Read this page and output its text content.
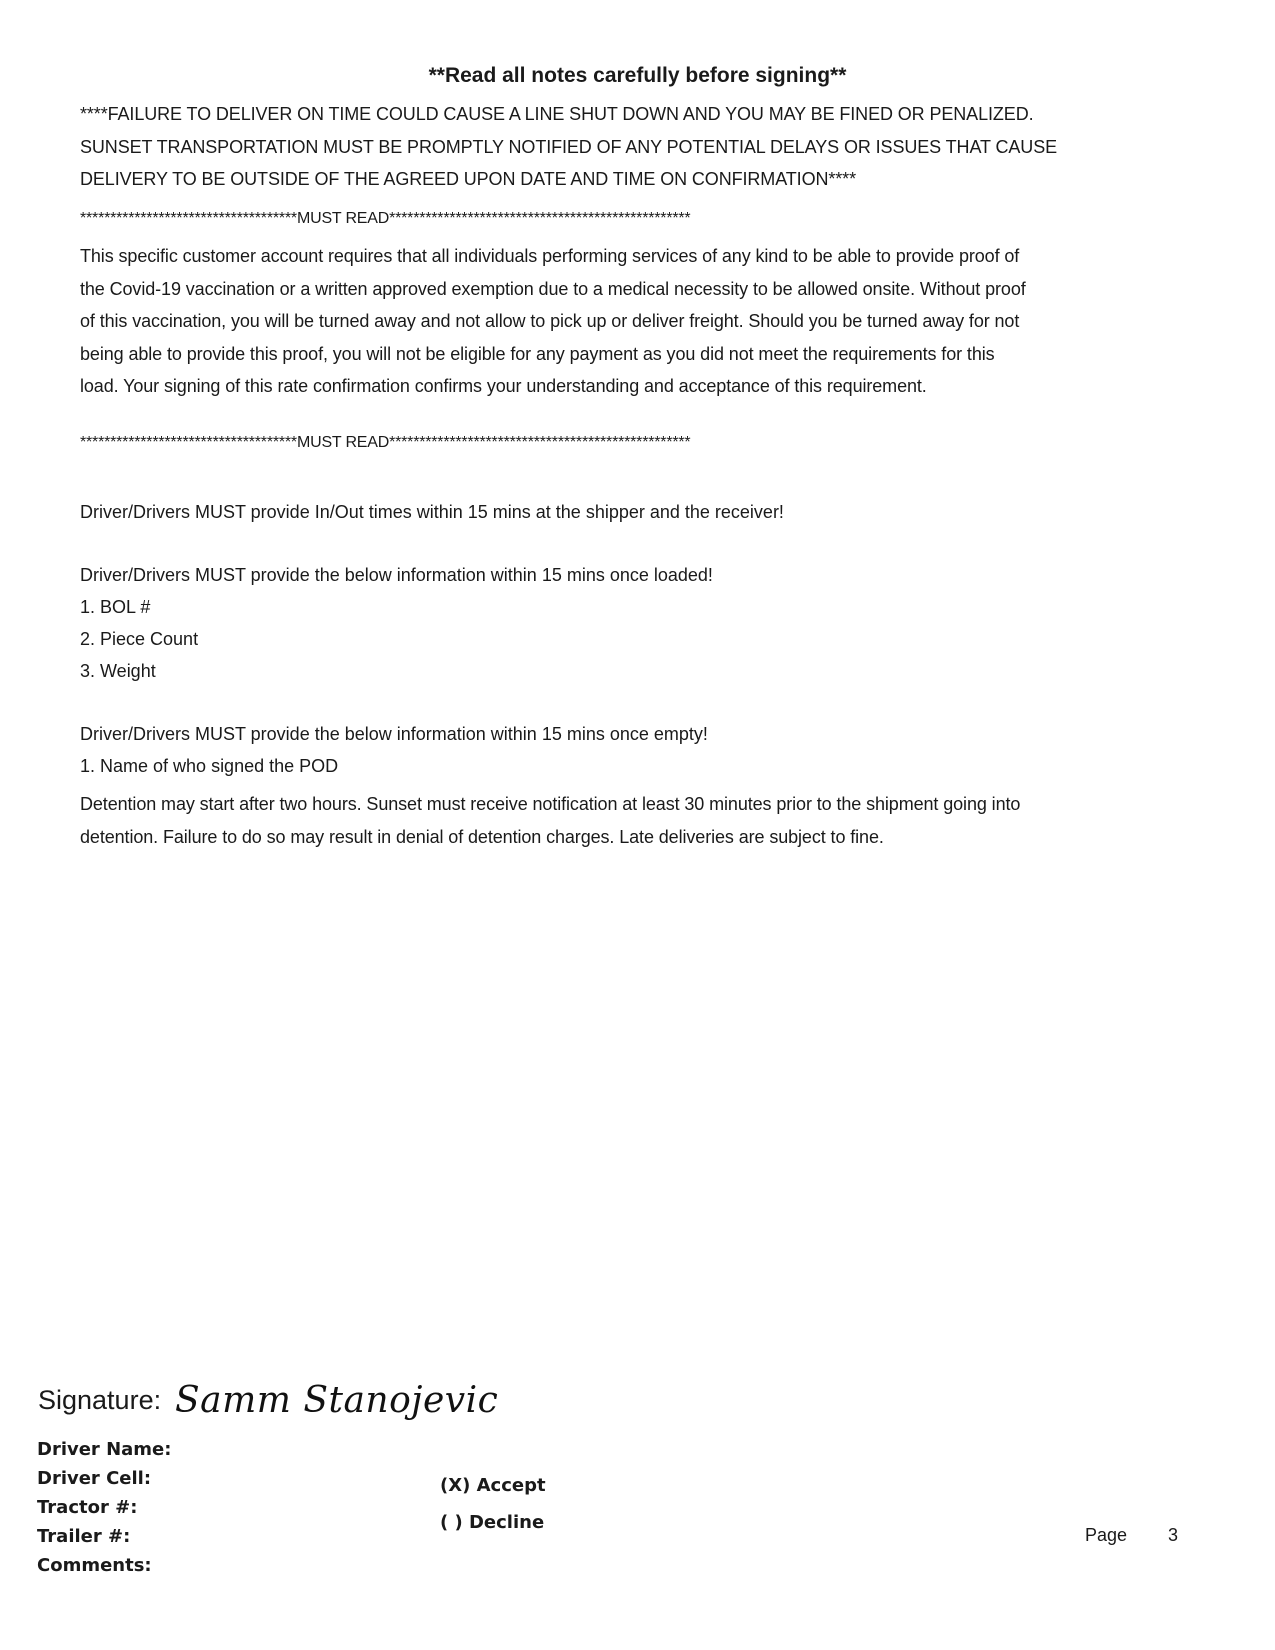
**Read all notes carefully before signing**
****FAILURE TO DELIVER ON TIME COULD CAUSE A LINE SHUT DOWN AND YOU MAY BE FINED OR PENALIZED.
SUNSET TRANSPORTATION MUST BE PROMPTLY NOTIFIED OF ANY POTENTIAL DELAYS OR ISSUES THAT CAUSE
DELIVERY TO BE OUTSIDE OF THE AGREED UPON DATE AND TIME ON CONFIRMATION****
************************************MUST READ**************************************************
This specific customer account requires that all individuals performing services of any kind to be able to provide proof of
the Covid-19 vaccination or a written approved exemption due to a medical necessity to be allowed onsite. Without proof
of this vaccination, you will be turned away and not allow to pick up or deliver freight. Should you be turned away for not
being able to provide this proof, you will not be eligible for any payment as you did not meet the requirements for this
load. Your signing of this rate confirmation confirms your understanding and acceptance of this requirement.
************************************MUST READ**************************************************
Driver/Drivers MUST provide In/Out times within 15 mins at the shipper and the receiver!
Driver/Drivers MUST provide the below information within 15 mins once loaded!
1. BOL #
2. Piece Count
3. Weight
Driver/Drivers MUST provide the below information within 15 mins once empty!
1. Name of who signed the POD
Detention may start after two hours. Sunset must receive notification at least 30 minutes prior to the shipment going into
detention. Failure to do so may result in denial of detention charges. Late deliveries are subject to fine.
Signature: Samm Stanojevic
Driver Name:
Driver Cell:
Tractor #:
Trailer #:
Comments:
(X) Accept
( ) Decline
Page 3
